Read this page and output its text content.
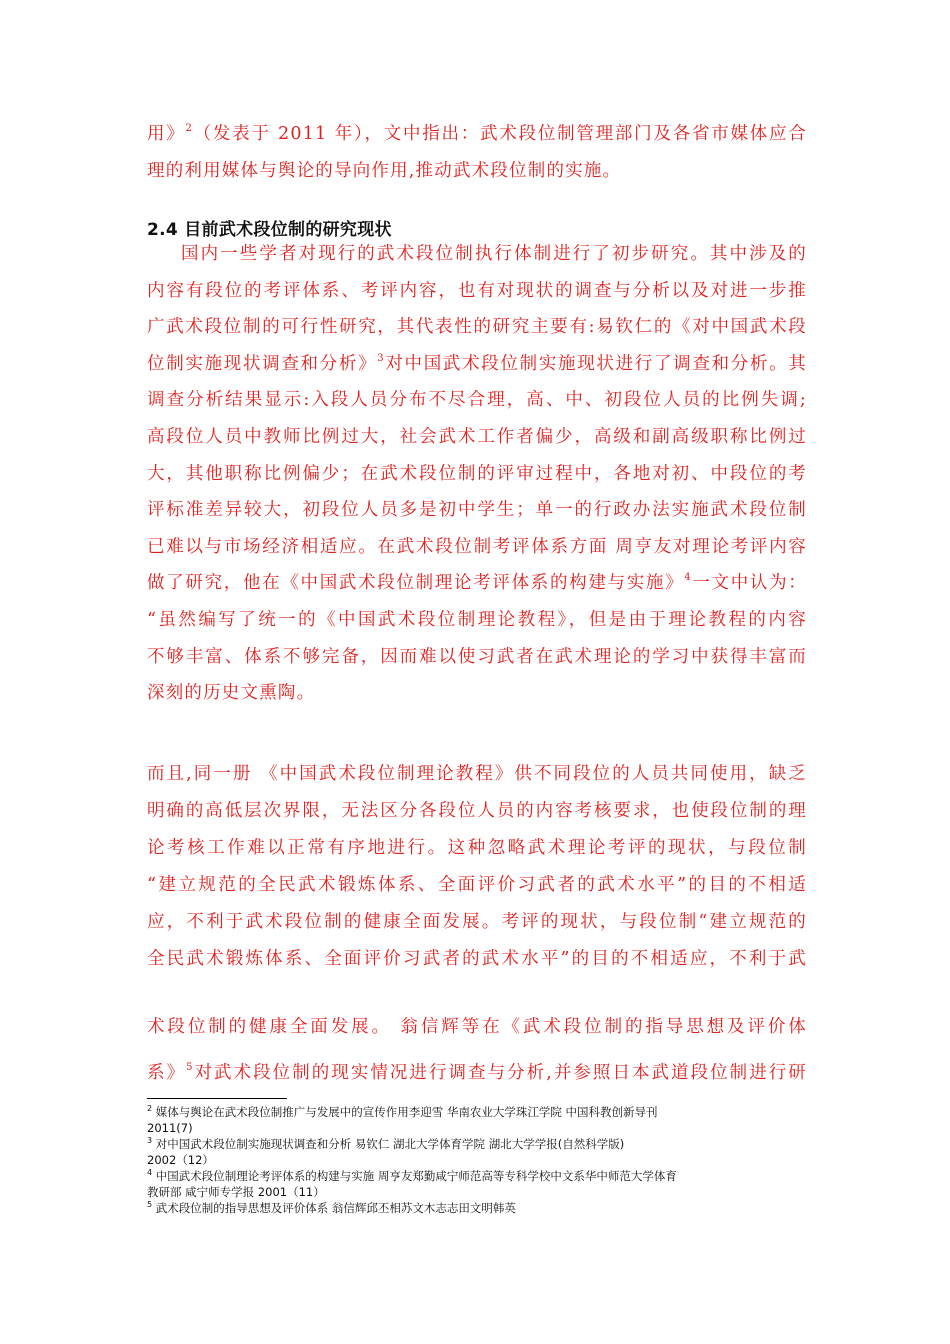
用》$^2$（发表于 2011 年），文中指出：武术段位制管理部门及各省市媒体应合
理的利用媒体与舆论的导向作用,推动武术段位制的实施。
2.4 目前武术段位制的研究现状
国内一些学者对现行的武术段位制执行体制进行了初步研究。其中涉及的
内容有段位的考评体系、考评内容，也有对现状的调查与分析以及对进一步推
广武术段位制的可行性研究，其代表性的研究主要有:易钦仁的《对中国武术段
位制实施现状调查和分析》$^3$对中国武术段位制实施现状进行了调查和分析。其
调查分析结果显示:入段人员分布不尽合理，高、中、初段位人员的比例失调;
高段位人员中教师比例过大，社会武术工作者偏少，高级和副高级职称比例过
大，其他职称比例偏少；在武术段位制的评审过程中，各地对初、中段位的考
评标准差异较大，初段位人员多是初中学生；单一的行政办法实施武术段位制
已难以与市场经济相适应。在武术段位制考评体系方面 周亨友对理论考评内容
做了研究，他在《中国武术段位制理论考评体系的构建与实施》$^4$一文中认为：
“虽然编写了统一的《中国武术段位制理论教程》，但是由于理论教程的内容
不够丰富、体系不够完备，因而难以使习武者在武术理论的学习中获得丰富而
深刻的历史文熏陶。
而且,同一册 《中国武术段位制理论教程》供不同段位的人员共同使用，缺乏
明确的高低层次界限，无法区分各段位人员的内容考核要求，也使段位制的理
论考核工作难以正常有序地进行。这种忽略武术理论考评的现状，与段位制
“建立规范的全民武术锻炼体系、全面评价习武者的武术水平”的目的不相适
应，不利于武术段位制的健康全面发展。考评的现状，与段位制“建立规范的
全民武术锻炼体系、全面评价习武者的武术水平”的目的不相适应，不利于武
术段位制的健康全面发展。 翁信辉等在《武术段位制的指导思想及评价体
系》$^5$对武术段位制的现实情况进行调查与分析,并参照日本武道段位制进行研
$^2$ 媒体与舆论在武术段位制推广与发展中的宣传作用李迎雪 华南农业大学珠江学院 中国科教创新导刊
2011(7)
$^3$ 对中国武术段位制实施现状调查和分析 易钦仁 湖北大学体育学院 湖北大学学报(自然科学版)
2002（12）
$^4$ 中国武术段位制理论考评体系的构建与实施 周亨友郑勤咸宁师范高等专科学校中文系华中师范大学体育
教研部 咸宁师专学报 2001（11）
$^5$ 武术段位制的指导思想及评价体系 翁信辉邱丕相苏文木志志田文明韩英
